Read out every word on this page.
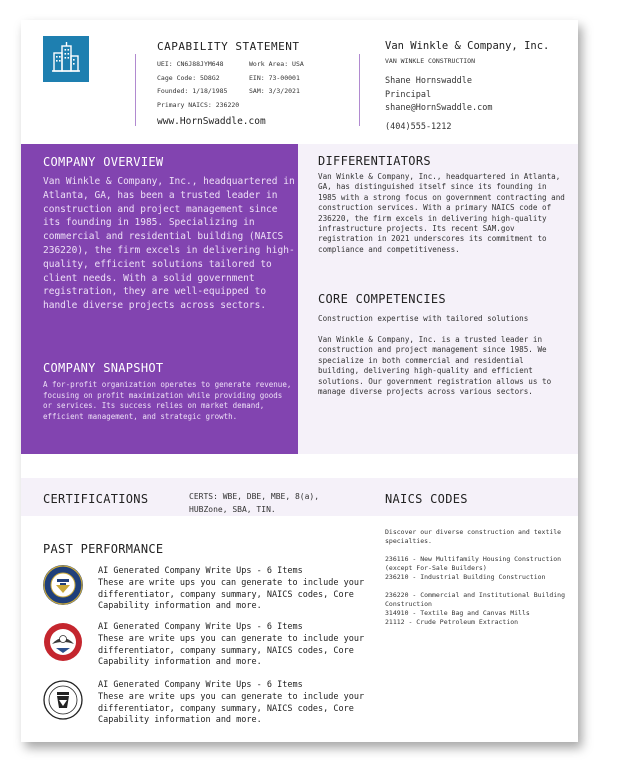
CAPABILITY STATEMENT
UEI: CN6J88JYM648	Work Area: USA
Cage Code: 5D8G2	EIN: 73-00001
Founded: 1/18/1985	SAM: 3/3/2021
Primary NAICS: 236220
www.HornSwaddle.com
Van Winkle & Company, Inc.
VAN WINKLE CONSTRUCTION
Shane Hornswaddle
Principal
shane@HornSwaddle.com
(404)555-1212
COMPANY OVERVIEW
Van Winkle & Company, Inc., headquartered in Atlanta, GA, has been a trusted leader in construction and project management since its founding in 1985. Specializing in commercial and residential building (NAICS 236220), the firm excels in delivering high-quality, efficient solutions tailored to client needs. With a solid government registration, they are well-equipped to handle diverse projects across sectors.
COMPANY SNAPSHOT
A for-profit organization operates to generate revenue, focusing on profit maximization while providing goods or services. Its success relies on market demand, efficient management, and strategic growth.
DIFFERENTIATORS

Van Winkle & Company, Inc., headquartered in Atlanta, GA, has distinguished itself since its founding in 1985 with a strong focus on government contracting and construction services. With a primary NAICS code of 236220, the firm excels in delivering high-quality infrastructure projects. Its recent SAM.gov registration in 2021 underscores its commitment to compliance and competitiveness.

CORE COMPETENCIES

Construction expertise with tailored solutions

Van Winkle & Company, Inc. is a trusted leader in construction and project management since 1985. We specialize in both commercial and residential building, delivering high-quality and efficient solutions. Our government registration allows us to manage diverse projects across various sectors.

CERTIFICATIONS	NAICS CODES
CERTS: WBE, DBE, MBE, 8(a), HUBZone, SBA, TIN.
Discover our diverse construction and textile specialties.
236116 - New Multifamily Housing Construction (except For-Sale Builders)
236210 - Industrial Building Construction
236220 - Commercial and Institutional Building Construction
314910 - Textile Bag and Canvas Mills
21112 - Crude Petroleum Extraction
PAST PERFORMANCE
AI Generated Company Write Ups - 6 Items
These are write ups you can generate to include your differentiator, company summary, NAICS codes, Core Capability information and more.
AI Generated Company Write Ups - 6 Items
These are write ups you can generate to include your differentiator, company summary, NAICS codes, Core Capability information and more.
AI Generated Company Write Ups - 6 Items
These are write ups you can generate to include your differentiator, company summary, NAICS codes, Core Capability information and more.
